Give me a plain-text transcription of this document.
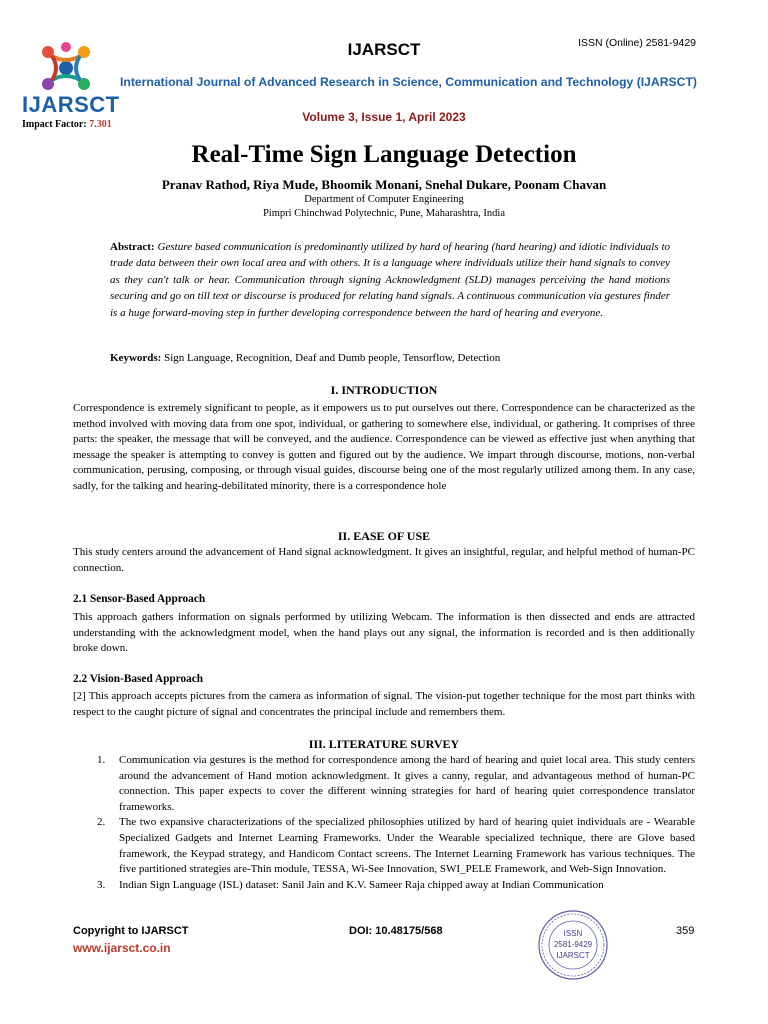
IJARSCT
Impact Factor: 7.301
IJARSCT	ISSN (Online) 2581-9429
International Journal of Advanced Research in Science, Communication and Technology (IJARSCT)
Volume 3, Issue 1, April 2023
Real-Time Sign Language Detection
Pranav Rathod, Riya Mude, Bhoomik Monani, Snehal Dukare, Poonam Chavan
Department of Computer Engineering
Pimpri Chinchwad Polytechnic, Pune, Maharashtra, India
Abstract: Gesture based communication is predominantly utilized by hard of hearing (hard hearing) and idiotic individuals to trade data between their own local area and with others. It is a language where individuals utilize their hand signals to convey as they can't talk or hear. Communication through signing Acknowledgment (SLD) manages perceiving the hand motions securing and go on till text or discourse is produced for relating hand signals. A continuous communication via gestures finder is a huge forward-moving step in further developing correspondence between the hard of hearing and everyone.
Keywords: Sign Language, Recognition, Deaf and Dumb people, Tensorflow, Detection
I. INTRODUCTION
Correspondence is extremely significant to people, as it empowers us to put ourselves out there. Correspondence can be characterized as the method involved with moving data from one spot, individual, or gathering to somewhere else, individual, or gathering. It comprises of three parts: the speaker, the message that will be conveyed, and the audience. Correspondence can be viewed as effective just when anything that message the speaker is attempting to convey is gotten and figured out by the audience. We impart through discourse, motions, non-verbal communication, perusing, composing, or through visual guides, discourse being one of the most regularly utilized among them. In any case, sadly, for the talking and hearing-debilitated minority, there is a correspondence hole
II. EASE OF USE
This study centers around the advancement of Hand signal acknowledgment. It gives an insightful, regular, and helpful method of human-PC connection.
2.1 Sensor-Based Approach
This approach gathers information on signals performed by utilizing Webcam. The information is then dissected and ends are attracted understanding with the acknowledgment model, when the hand plays out any signal, the information is recorded and is then additionally broke down.
2.2 Vision-Based Approach
[2] This approach accepts pictures from the camera as information of signal. The vision-put together technique for the most part thinks with respect to the caught picture of signal and concentrates the principal include and remembers them.
III. LITERATURE SURVEY
1. Communication via gestures is the method for correspondence among the hard of hearing and quiet local area. This study centers around the advancement of Hand motion acknowledgment. It gives a canny, regular, and advantageous method of human-PC connection. This paper expects to cover the different winning strategies for hard of hearing quiet correspondence translator frameworks.
2. The two expansive characterizations of the specialized philosophies utilized by hard of hearing quiet individuals are - Wearable Specialized Gadgets and Internet Learning Frameworks. Under the Wearable specialized technique, there are Glove based framework, the Keypad strategy, and Handicom Contact screens. The Internet Learning Framework has various techniques. The five partitioned strategies are-Thin module, TESSA, Wi-See Innovation, SWI_PELE Framework, and Web-Sign Innovation.
3. Indian Sign Language (ISL) dataset: Sanil Jain and K.V. Sameer Raja chipped away at Indian Communication
Copyright to IJARSCT
www.ijarsct.co.in
DOI: 10.48175/568	359
ISSN
2581-9429
IJARSCT
